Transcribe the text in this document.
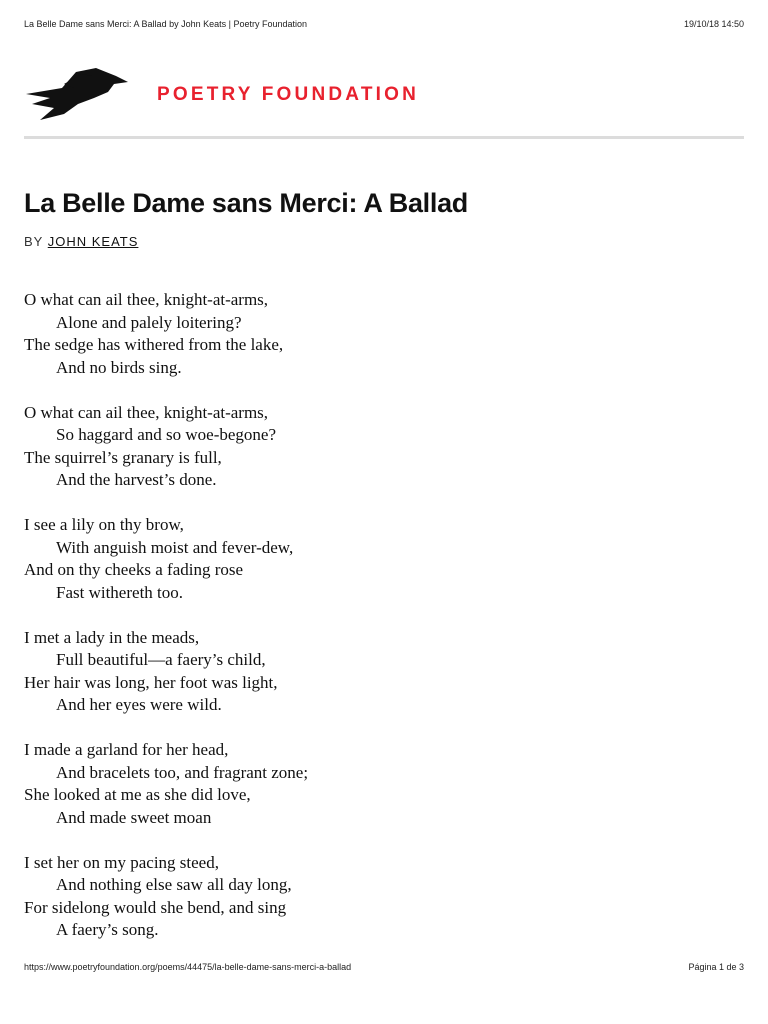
La Belle Dame sans Merci: A Ballad by John Keats | Poetry Foundation	19/10/18 14:50
POETRY FOUNDATION
La Belle Dame sans Merci: A Ballad
BY JOHN KEATS
O what can ail thee, knight-at-arms,
Alone and palely loitering?
The sedge has withered from the lake,
And no birds sing.
O what can ail thee, knight-at-arms,
So haggard and so woe-begone?
The squirrel’s granary is full,
And the harvest’s done.
I see a lily on thy brow,
With anguish moist and fever-dew,
And on thy cheeks a fading rose
Fast withereth too.
I met a lady in the meads,
Full beautiful—a faery’s child,
Her hair was long, her foot was light,
And her eyes were wild.
I made a garland for her head,
And bracelets too, and fragrant zone;
She looked at me as she did love,
And made sweet moan
I set her on my pacing steed,
And nothing else saw all day long,
For sidelong would she bend, and sing
A faery’s song.
https://www.poetryfoundation.org/poems/44475/la-belle-dame-sans-merci-a-ballad	Página 1 de 3
